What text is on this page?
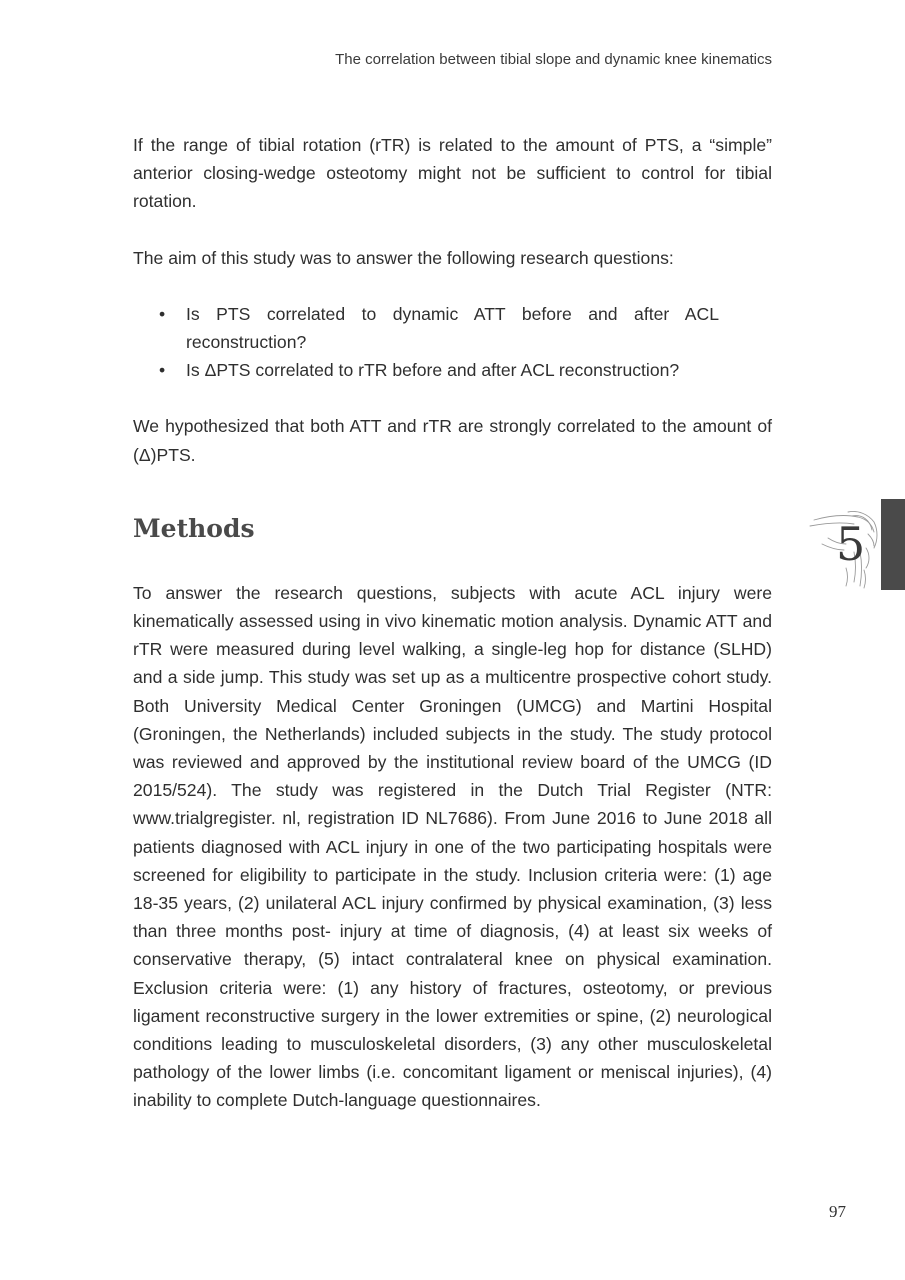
The correlation between tibial slope and dynamic knee kinematics

If the range of tibial rotation (rTR) is related to the amount of PTS, a “simple” anterior closing-wedge osteotomy might not be sufficient to control for tibial rotation.

The aim of this study was to answer the following research questions:

• Is PTS correlated to dynamic ATT before and after ACL reconstruction?
• Is ΔPTS correlated to rTR before and after ACL reconstruction?

We hypothesized that both ATT and rTR are strongly correlated to the amount of (Δ)PTS.

Methods

To answer the research questions, subjects with acute ACL injury were kinematically assessed using in vivo kinematic motion analysis. Dynamic ATT and rTR were measured during level walking, a single-leg hop for distance (SLHD) and a side jump. This study was set up as a multicentre prospective cohort study. Both University Medical Center Groningen (UMCG) and Martini Hospital (Groningen, the Netherlands) included subjects in the study. The study protocol was reviewed and approved by the institutional review board of the UMCG (ID 2015/524). The study was registered in the Dutch Trial Register (NTR: www.trialgregister. nl, registration ID NL7686). From June 2016 to June 2018 all patients diagnosed with ACL injury in one of the two participating hospitals were screened for eligibility to participate in the study. Inclusion criteria were: (1) age 18-35 years, (2) unilateral ACL injury confirmed by physical examination, (3) less than three months post- injury at time of diagnosis, (4) at least six weeks of conservative therapy, (5) intact contralateral knee on physical examination. Exclusion criteria were: (1) any history of fractures, osteotomy, or previous ligament reconstructive surgery in the lower extremities or spine, (2) neurological conditions leading to musculoskeletal disorders, (3) any other musculoskeletal pathology of the lower limbs (i.e. concomitant ligament or meniscal injuries), (4) inability to complete Dutch-language questionnaires.

5
97
